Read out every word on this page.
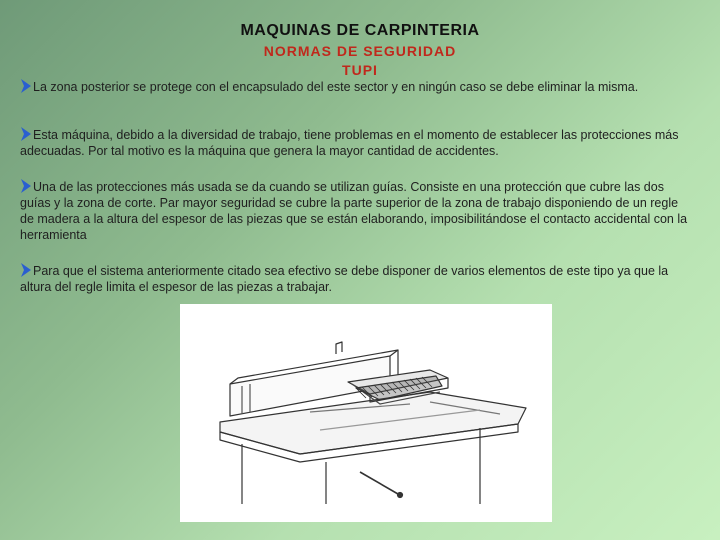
MAQUINAS DE CARPINTERIA
NORMAS DE SEGURIDAD
TUPI
La zona posterior se protege con el encapsulado del este sector y en ningún caso se debe eliminar la misma.
Esta máquina, debido a la diversidad de trabajo, tiene problemas en el momento de establecer las protecciones más adecuadas. Por tal motivo es la máquina que genera la mayor cantidad de accidentes.
Una de las protecciones más usada se da cuando se utilizan guías. Consiste en una protección que cubre las dos guías y la zona de corte. Par mayor seguridad se cubre la parte superior de la zona de trabajo disponiendo de un regle de madera a la altura del espesor de las piezas que se están elaborando, imposibilitándose el contacto accidental con la herramienta
Para que el sistema anteriormente citado sea efectivo se debe disponer de varios elementos de este tipo ya que la altura del regle limita el espesor de las piezas a trabajar.
